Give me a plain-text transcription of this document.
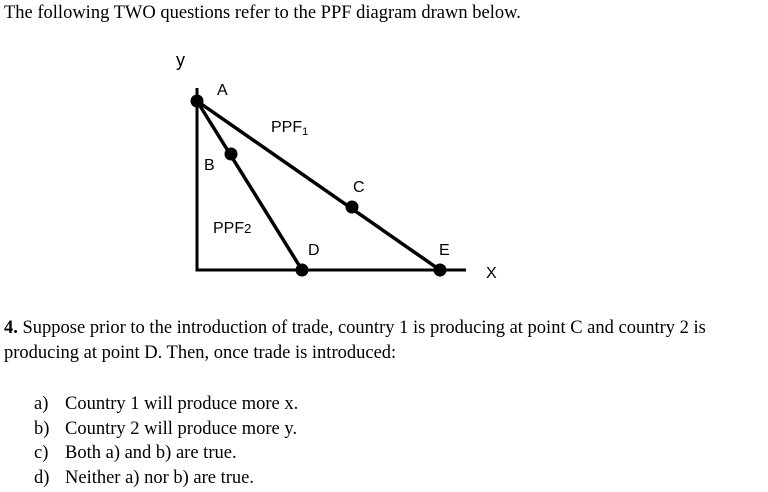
The following TWO questions refer to the PPF diagram drawn below.
y
X
A
B
C
D	E
PPF1
PPF2
4. Suppose prior to the introduction of trade, country 1 is producing at point C and country 2 is producing at point D. Then, once trade is introduced:
a) Country 1 will produce more x.
b) Country 2 will produce more y.
c) Both a) and b) are true.
d) Neither a) nor b) are true.
